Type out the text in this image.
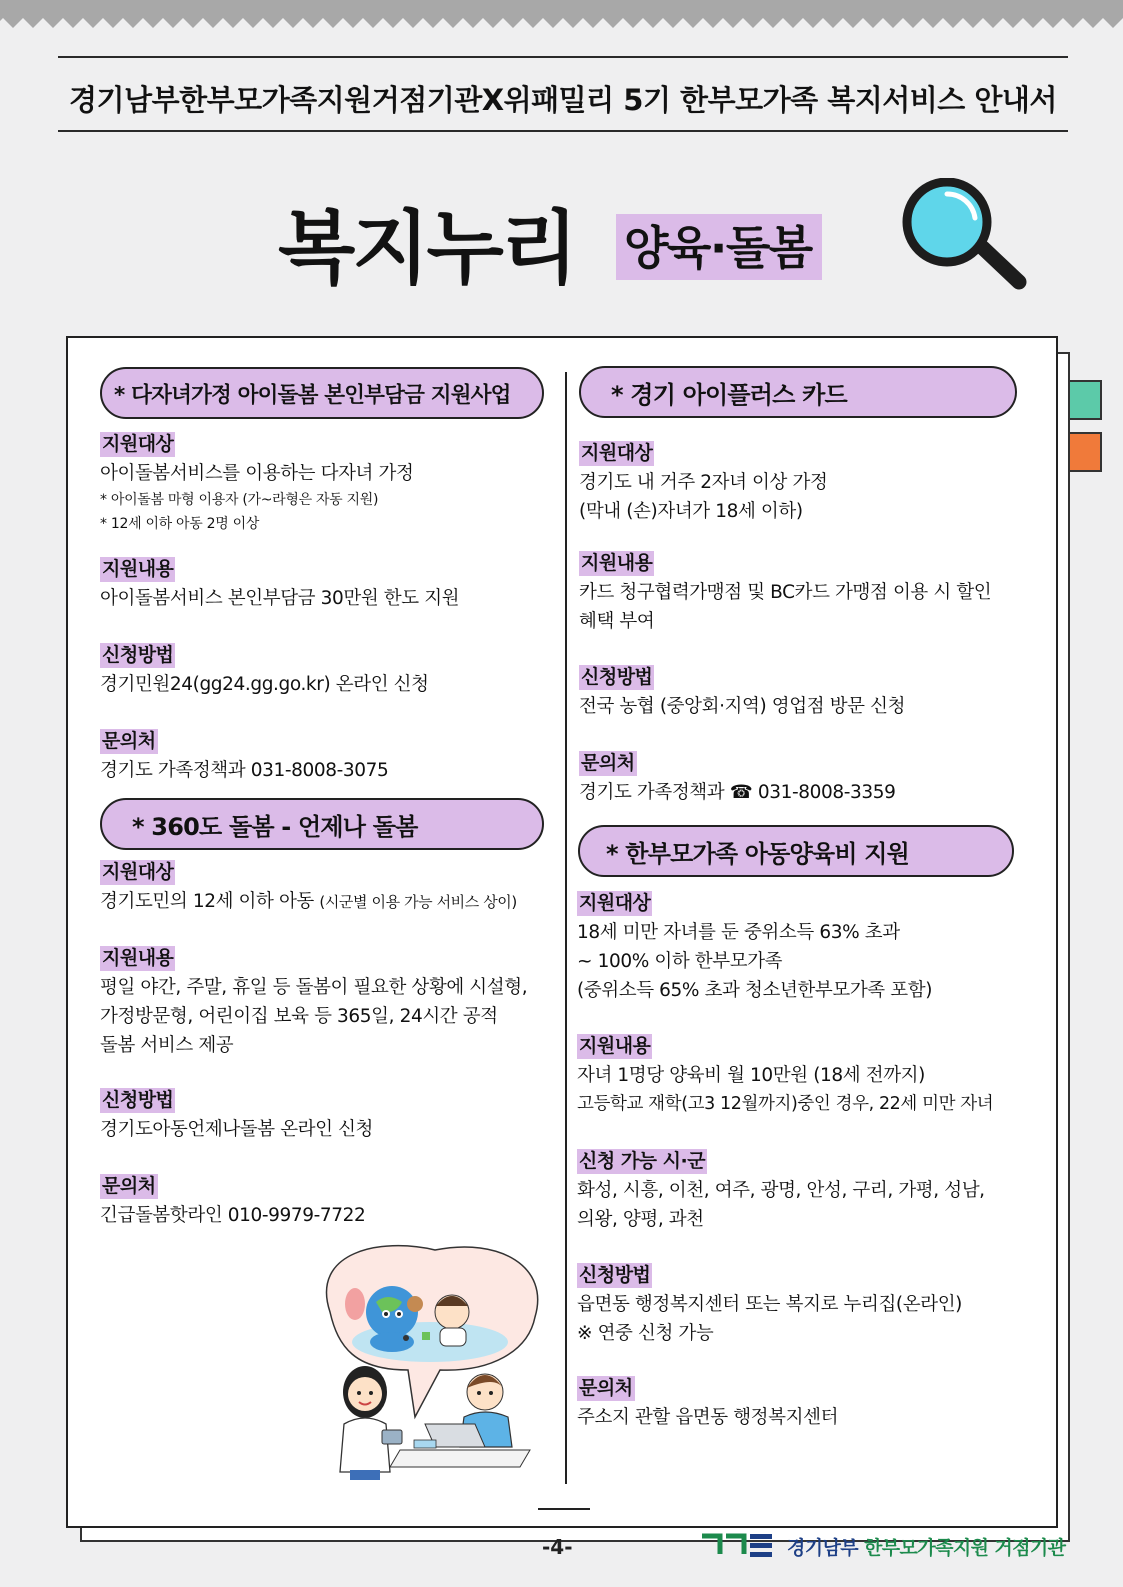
경기남부한부모가족지원거점기관X위패밀리 5기 한부모가족 복지서비스 안내서
복지누리 양육·돌봄
* 다자녀가정 아이돌봄 본인부담금 지원사업
지원대상
아이돌봄서비스를 이용하는 다자녀 가정
* 아이돌봄 마형 이용자 (가~라형은 자동 지원)
* 12세 이하 아동 2명 이상
지원내용
아이돌봄서비스 본인부담금 30만원 한도 지원
신청방법
경기민원24(gg24.gg.go.kr) 온라인 신청
문의처
경기도 가족정책과 031-8008-3075
* 360도 돌봄 - 언제나 돌봄
지원대상
경기도민의 12세 이하 아동 (시군별 이용 가능 서비스 상이)
지원내용
평일 야간, 주말, 휴일 등 돌봄이 필요한 상황에 시설형,
가정방문형, 어린이집 보육 등 365일, 24시간 공적
돌봄 서비스 제공
신청방법
경기도아동언제나돌봄 온라인 신청
문의처
긴급돌봄핫라인 010-9979-7722
* 경기 아이플러스 카드
지원대상
경기도 내 거주 2자녀 이상 가정
(막내 (손)자녀가 18세 이하)
지원내용
카드 청구협력가맹점 및 BC카드 가맹점 이용 시 할인
혜택 부여
신청방법
전국 농협 (중앙회·지역) 영업점 방문 신청
문의처
경기도 가족정책과 ☎ 031-8008-3359
* 한부모가족 아동양육비 지원
지원대상
18세 미만 자녀를 둔 중위소득 63% 초과
~ 100% 이하 한부모가족
(중위소득 65% 초과 청소년한부모가족 포함)
지원내용
자녀 1명당 양육비 월 10만원 (18세 전까지)
고등학교 재학(고3 12월까지)중인 경우, 22세 미만 자녀
신청 가능 시·군
화성, 시흥, 이천, 여주, 광명, 안성, 구리, 가평, 성남,
의왕, 양평, 과천
신청방법
읍면동 행정복지센터 또는 복지로 누리집(온라인)
※ 연중 신청 가능
문의처
주소지 관할 읍면동 행정복지센터
-4-	경기남부 한부모가족지원 거점기관
